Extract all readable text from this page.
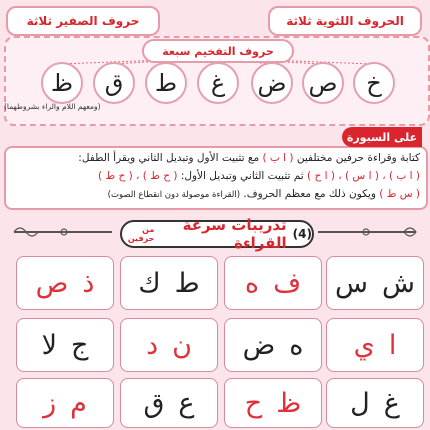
الحروف اللثوية ثلاثة
حروف الصفير ثلاثة
حروف التفخيم سبعة
خ
ص
ض
غ
ط
ق
ظ
(ومعهم اللام والراء بشروطهما)
على السبورة
كتابة وقراءة حرفين مختلفين ( ا ب ) مع تثبيت الأول وتبديل الثاني ويقرأ الطفل:
( ا ب ) ، ( ا س ) ، ( ا ح ) ثم تثبيت الثاني وتبديل الأول: ( ح ط ) ، ( ح ط )
( س ط ) ويكون ذلك مع معظم الحروف. (القراءة موصولة دون انقطاع الصوت)
(4)
تدريبات سرعة القراءة
من حرفين
ش
س
ف
ه
ط
ك
ذ
ص
ا
ي
ه
ض
ن
د
ج
لا
غ
ل
ظ
ح
ع
ق
م
ز
